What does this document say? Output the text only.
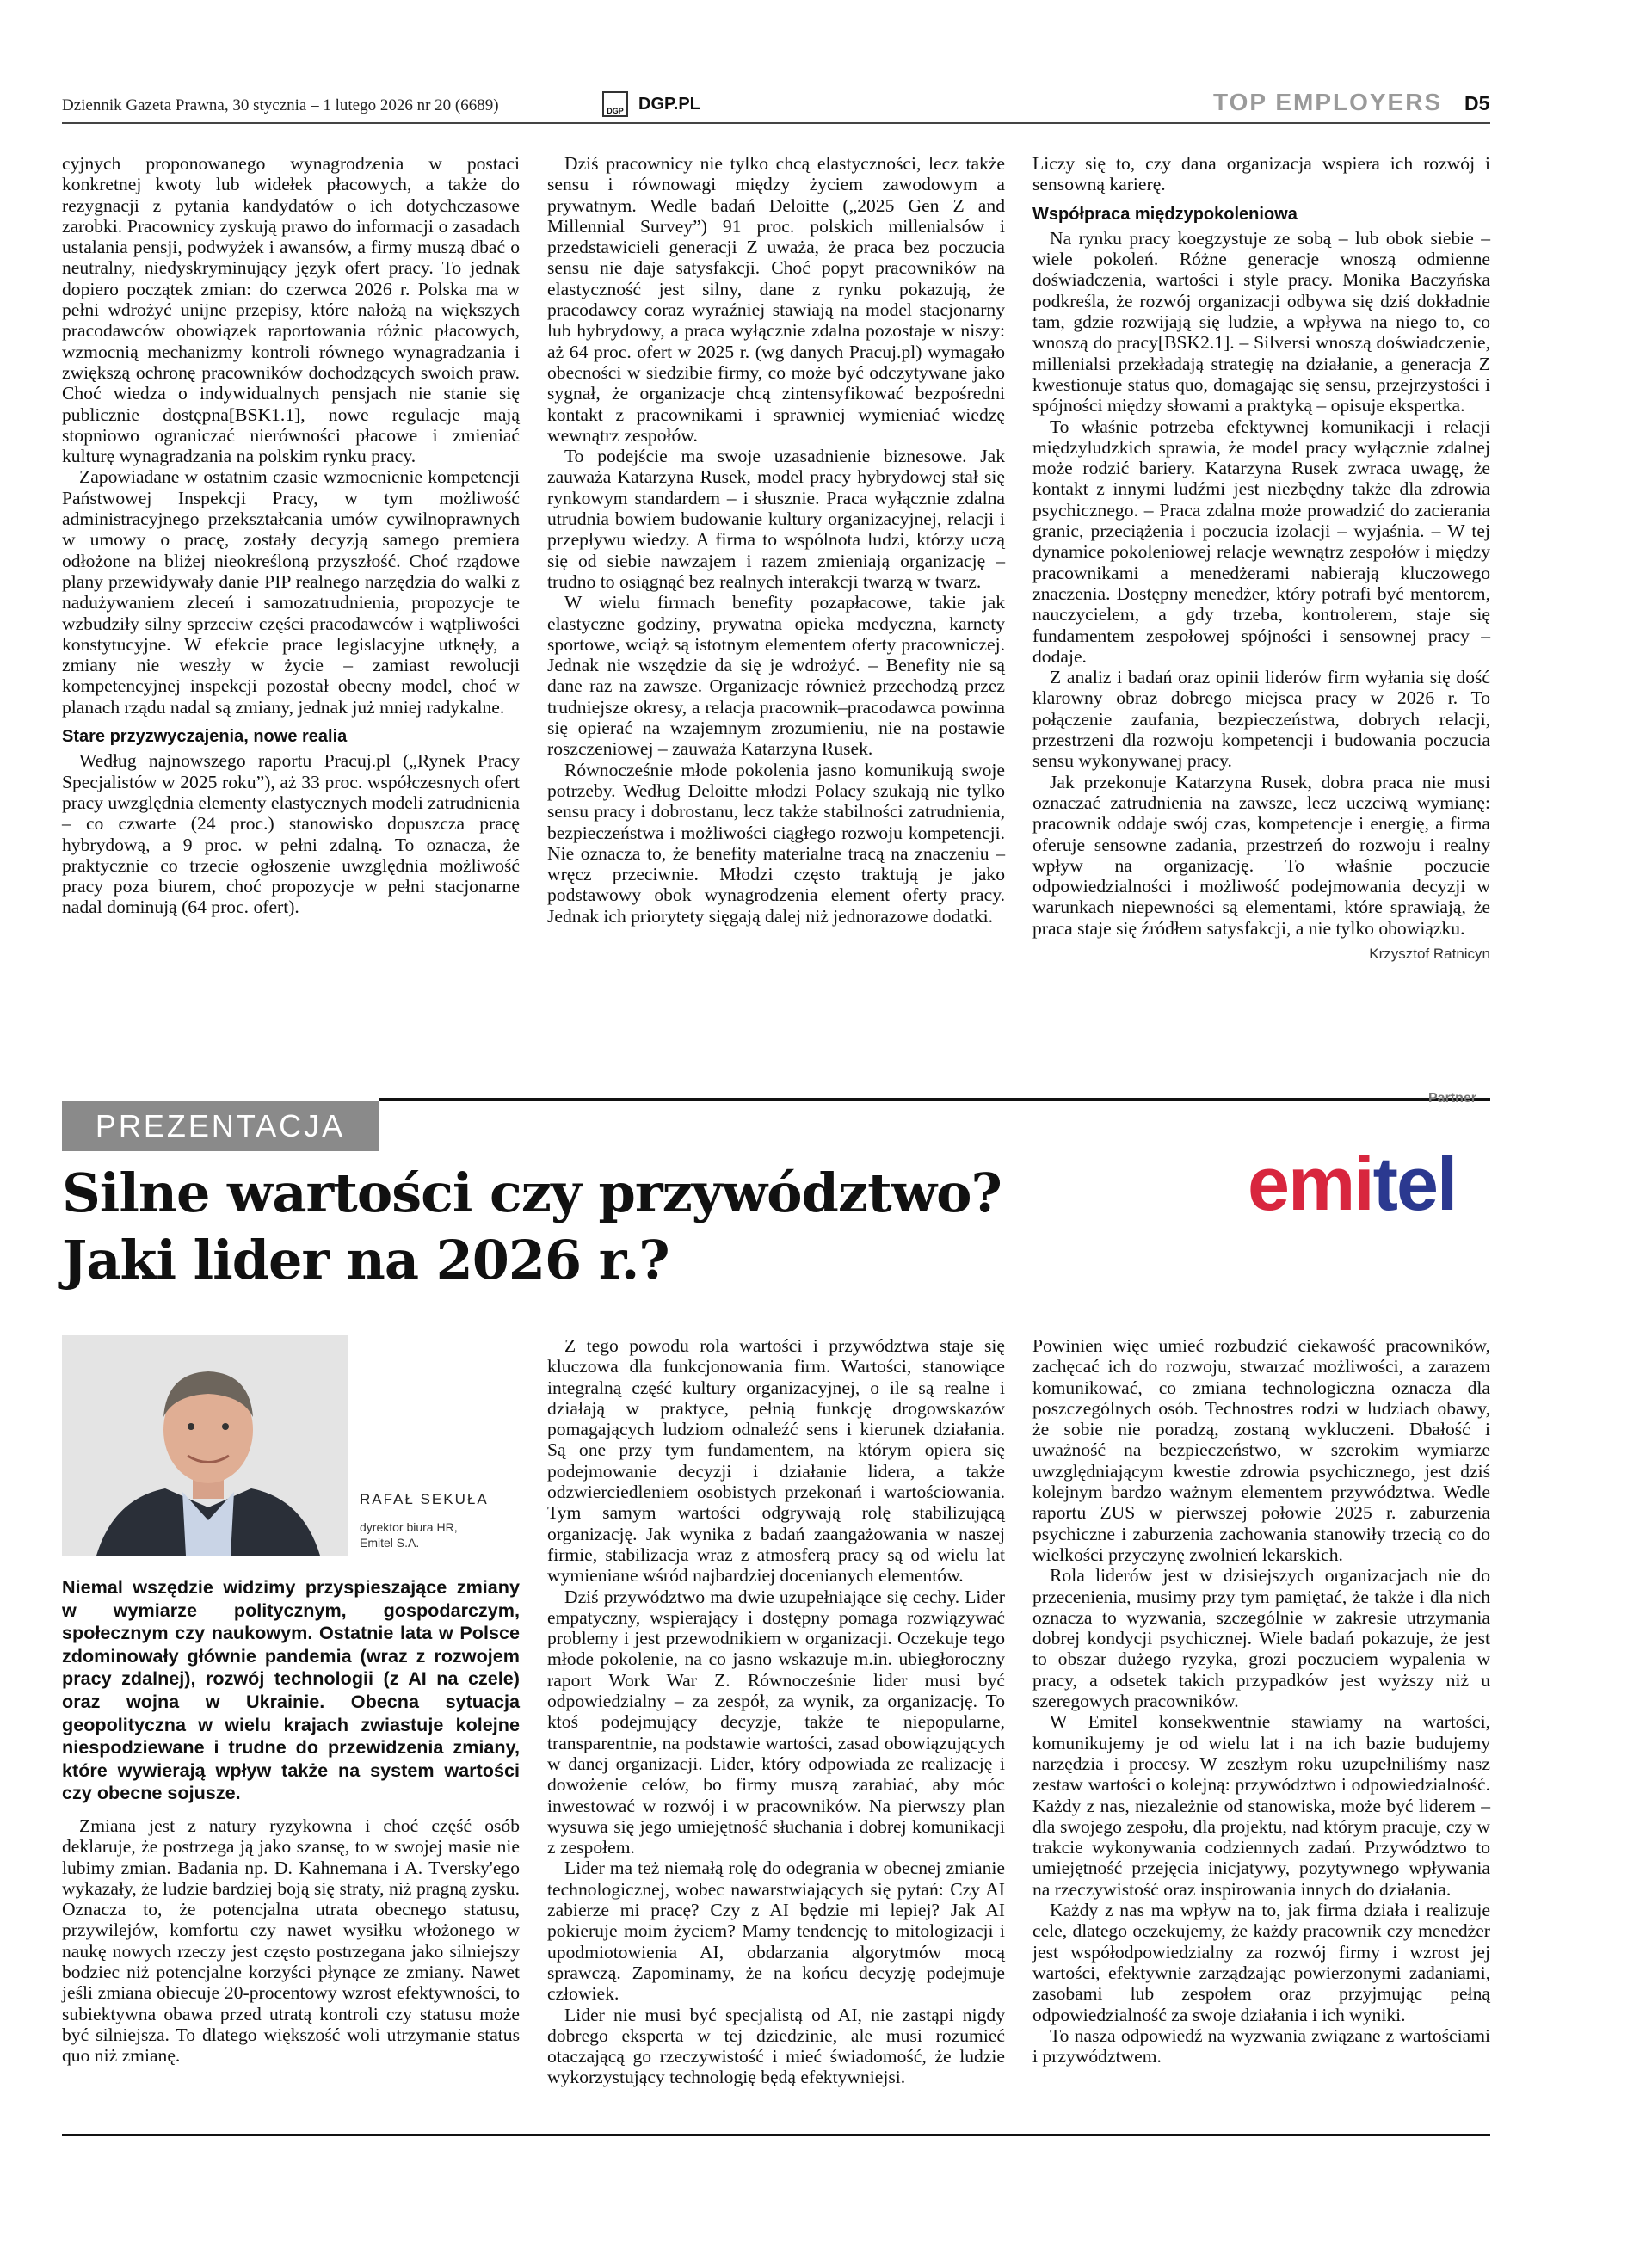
Dziennik Gazeta Prawna, 30 stycznia – 1 lutego 2026 nr 20 (6689)	DGP DGP.PL	TOP EMPLOYERS D5

cyjnych proponowanego wynagrodzenia w postaci konkretnej kwoty lub widełek płacowych, a także do rezygnacji z pytania kandydatów o ich dotychczasowe zarobki. Pracownicy zyskują prawo do informacji o zasadach ustalania pensji, podwyżek i awansów, a firmy muszą dbać o neutralny, niedyskryminujący język ofert pracy. To jednak dopiero początek zmian: do czerwca 2026 r. Polska ma w pełni wdrożyć unijne przepisy, które nałożą na większych pracodawców obowiązek raportowania różnic płacowych, wzmocnią mechanizmy kontroli równego wynagradzania i zwiększą ochronę pracowników dochodzących swoich praw. Choć wiedza o indywidualnych pensjach nie stanie się publicznie dostępna[BSK1.1], nowe regulacje mają stopniowo ograniczać nierówności płacowe i zmieniać kulturę wynagradzania na polskim rynku pracy.

Zapowiadane w ostatnim czasie wzmocnienie kompetencji Państwowej Inspekcji Pracy, w tym możliwość administracyjnego przekształcania umów cywilnoprawnych w umowy o pracę, zostały decyzją samego premiera odłożone na bliżej nieokreśloną przyszłość. Choć rządowe plany przewidywały danie PIP realnego narzędzia do walki z nadużywaniem zleceń i samozatrudnienia, propozycje te wzbudziły silny sprzeciw części pracodawców i wątpliwości konstytucyjne. W efekcie prace legislacyjne utknęły, a zmiany nie weszły w życie – zamiast rewolucji kompetencyjnej inspekcji pozostał obecny model, choć w planach rządu nadal są zmiany, jednak już mniej radykalne.

Stare przyzwyczajenia, nowe realia

Według najnowszego raportu Pracuj.pl („Rynek Pracy Specjalistów w 2025 roku”), aż 33 proc. współczesnych ofert pracy uwzględnia elementy elastycznych modeli zatrudnienia – co czwarte (24 proc.) stanowisko dopuszcza pracę hybrydową, a 9 proc. w pełni zdalną. To oznacza, że praktycznie co trzecie ogłoszenie uwzględnia możliwość pracy poza biurem, choć propozycje w pełni stacjonarne nadal dominują (64 proc. ofert).

Dziś pracownicy nie tylko chcą elastyczności, lecz także sensu i równowagi między życiem zawodowym a prywatnym. Wedle badań Deloitte („2025 Gen Z and Millennial Survey”) 91 proc. polskich millenialsów i przedstawicieli generacji Z uważa, że praca bez poczucia sensu nie daje satysfakcji. Choć popyt pracowników na elastyczność jest silny, dane z rynku pokazują, że pracodawcy coraz wyraźniej stawiają na model stacjonarny lub hybrydowy, a praca wyłącznie zdalna pozostaje w niszy: aż 64 proc. ofert w 2025 r. (wg danych Pracuj.pl) wymagało obecności w siedzibie firmy, co może być odczytywane jako sygnał, że organizacje chcą zintensyfikować bezpośredni kontakt z pracownikami i sprawniej wymieniać wiedzę wewnątrz zespołów.

To podejście ma swoje uzasadnienie biznesowe. Jak zauważa Katarzyna Rusek, model pracy hybrydowej stał się rynkowym standardem – i słusznie. Praca wyłącznie zdalna utrudnia bowiem budowanie kultury organizacyjnej, relacji i przepływu wiedzy. A firma to wspólnota ludzi, którzy uczą się od siebie nawzajem i razem zmieniają organizację – trudno to osiągnąć bez realnych interakcji twarzą w twarz.

W wielu firmach benefity pozapłacowe, takie jak elastyczne godziny, prywatna opieka medyczna, karnety sportowe, wciąż są istotnym elementem oferty pracowniczej. Jednak nie wszędzie da się je wdrożyć. – Benefity nie są dane raz na zawsze. Organizacje również przechodzą przez trudniejsze okresy, a relacja pracownik–pracodawca powinna się opierać na wzajemnym zrozumieniu, nie na postawie roszczeniowej – zauważa Katarzyna Rusek.

Równocześnie młode pokolenia jasno komunikują swoje potrzeby. Według Deloitte młodzi Polacy szukają nie tylko sensu pracy i dobrostanu, lecz także stabilności zatrudnienia, bezpieczeństwa i możliwości ciągłego rozwoju kompetencji. Nie oznacza to, że benefity materialne tracą na znaczeniu – wręcz przeciwnie. Młodzi często traktują je jako podstawowy obok wynagrodzenia element oferty pracy. Jednak ich priorytety sięgają dalej niż jednorazowe dodatki.

Liczy się to, czy dana organizacja wspiera ich rozwój i sensowną karierę.

Współpraca międzypokoleniowa

Na rynku pracy koegzystuje ze sobą – lub obok siebie – wiele pokoleń. Różne generacje wnoszą odmienne doświadczenia, wartości i style pracy. Monika Baczyńska podkreśla, że rozwój organizacji odbywa się dziś dokładnie tam, gdzie rozwijają się ludzie, a wpływa na niego to, co wnoszą do pracy[BSK2.1]. – Silversi wnoszą doświadczenie, millenialsi przekładają strategię na działanie, a generacja Z kwestionuje status quo, domagając się sensu, przejrzystości i spójności między słowami a praktyką – opisuje ekspertka.

To właśnie potrzeba efektywnej komunikacji i relacji międzyludzkich sprawia, że model pracy wyłącznie zdalnej może rodzić bariery. Katarzyna Rusek zwraca uwagę, że kontakt z innymi ludźmi jest niezbędny także dla zdrowia psychicznego. – Praca zdalna może prowadzić do zacierania granic, przeciążenia i poczucia izolacji – wyjaśnia. – W tej dynamice pokoleniowej relacje wewnątrz zespołów i między pracownikami a menedżerami nabierają kluczowego znaczenia. Dostępny menedżer, który potrafi być mentorem, nauczycielem, a gdy trzeba, kontrolerem, staje się fundamentem zespołowej spójności i sensownej pracy – dodaje.

Z analiz i badań oraz opinii liderów firm wyłania się dość klarowny obraz dobrego miejsca pracy w 2026 r. To połączenie zaufania, bezpieczeństwa, dobrych relacji, przestrzeni dla rozwoju kompetencji i budowania poczucia sensu wykonywanej pracy.

Jak przekonuje Katarzyna Rusek, dobra praca nie musi oznaczać zatrudnienia na zawsze, lecz uczciwą wymianę: pracownik oddaje swój czas, kompetencje i energię, a firma oferuje sensowne zadania, przestrzeń do rozwoju i realny wpływ na organizację. To właśnie poczucie odpowiedzialności i możliwość podejmowania decyzji w warunkach niepewności są elementami, które sprawiają, że praca staje się źródłem satysfakcji, a nie tylko obowiązku.

Krzysztof Ratnicyn
PREZENTACJA
Partner
emitel
Silne wartości czy przywództwo?
Jaki lider na 2026 r.?
RAFAŁ SEKUŁA
dyrektor biura HR,
Emitel S.A.
Niemal wszędzie widzimy przyspieszające zmiany w wymiarze politycznym, gospodarczym, społecznym czy naukowym. Ostatnie lata w Polsce zdominowały głównie pandemia (wraz z rozwojem pracy zdalnej), rozwój technologii (z AI na czele) oraz wojna w Ukrainie. Obecna sytuacja geopolityczna w wielu krajach zwiastuje kolejne niespodziewane i trudne do przewidzenia zmiany, które wywierają wpływ także na system wartości czy obecne sojusze.

Zmiana jest z natury ryzykowna i choć część osób deklaruje, że postrzega ją jako szansę, to w swojej masie nie lubimy zmian. Badania np. D. Kahnemana i A. Tversky'ego wykazały, że ludzie bardziej boją się straty, niż pragną zysku. Oznacza to, że potencjalna utrata obecnego statusu, przywilejów, komfortu czy nawet wysiłku włożonego w naukę nowych rzeczy jest często postrzegana jako silniejszy bodziec niż potencjalne korzyści płynące ze zmiany. Nawet jeśli zmiana obiecuje 20-procentowy wzrost efektywności, to subiektywna obawa przed utratą kontroli czy statusu może być silniejsza. To dlatego większość woli utrzymanie status quo niż zmianę.

Z tego powodu rola wartości i przywództwa staje się kluczowa dla funkcjonowania firm. Wartości, stanowiące integralną część kultury organizacyjnej, o ile są realne i działają w praktyce, pełnią funkcję drogowskazów pomagających ludziom odnaleźć sens i kierunek działania. Są one przy tym fundamentem, na którym opiera się podejmowanie decyzji i działanie lidera, a także odzwierciedleniem osobistych przekonań i wartościowania. Tym samym wartości odgrywają rolę stabilizującą organizację. Jak wynika z badań zaangażowania w naszej firmie, stabilizacja wraz z atmosferą pracy są od wielu lat wymieniane wśród najbardziej docenianych elementów.

Dziś przywództwo ma dwie uzupełniające się cechy. Lider empatyczny, wspierający i dostępny pomaga rozwiązywać problemy i jest przewodnikiem w organizacji. Oczekuje tego młode pokolenie, na co jasno wskazuje m.in. ubiegłoroczny raport Work War Z. Równocześnie lider musi być odpowiedzialny – za zespół, za wynik, za organizację. To ktoś podejmujący decyzje, także te niepopularne, transparentnie, na podstawie wartości, zasad obowiązujących w danej organizacji. Lider, który odpowiada ze realizację i dowożenie celów, bo firmy muszą zarabiać, aby móc inwestować w rozwój i w pracowników. Na pierwszy plan wysuwa się jego umiejętność słuchania i dobrej komunikacji z zespołem.

Lider ma też niemałą rolę do odegrania w obecnej zmianie technologicznej, wobec nawarstwiających się pytań: Czy AI zabierze mi pracę? Czy z AI będzie mi lepiej? Jak AI pokieruje moim życiem? Mamy tendencję to mitologizacji i upodmiotowienia AI, obdarzania algorytmów mocą sprawczą. Zapominamy, że na końcu decyzję podejmuje człowiek.

Lider nie musi być specjalistą od AI, nie zastąpi nigdy dobrego eksperta w tej dziedzinie, ale musi rozumieć otaczającą go rzeczywistość i mieć świadomość, że ludzie wykorzystujący technologię będą efektywniejsi.

Powinien więc umieć rozbudzić ciekawość pracowników, zachęcać ich do rozwoju, stwarzać możliwości, a zarazem komunikować, co zmiana technologiczna oznacza dla poszczególnych osób. Technostres rodzi w ludziach obawy, że sobie nie poradzą, zostaną wykluczeni. Dbałość i uważność na bezpieczeństwo, w szerokim wymiarze uwzględniającym kwestie zdrowia psychicznego, jest dziś kolejnym bardzo ważnym elementem przywództwa. Wedle raportu ZUS w pierwszej połowie 2025 r. zaburzenia psychiczne i zaburzenia zachowania stanowiły trzecią co do wielkości przyczynę zwolnień lekarskich.

Rola liderów jest w dzisiejszych organizacjach nie do przecenienia, musimy przy tym pamiętać, że także i dla nich oznacza to wyzwania, szczególnie w zakresie utrzymania dobrej kondycji psychicznej. Wiele badań pokazuje, że jest to obszar dużego ryzyka, grozi poczuciem wypalenia w pracy, a odsetek takich przypadków jest wyższy niż u szeregowych pracowników.

W Emitel konsekwentnie stawiamy na wartości, komunikujemy je od wielu lat i na ich bazie budujemy narzędzia i procesy. W zeszłym roku uzupełniliśmy nasz zestaw wartości o kolejną: przywództwo i odpowiedzialność. Każdy z nas, niezależnie od stanowiska, może być liderem – dla swojego zespołu, dla projektu, nad którym pracuje, czy w trakcie wykonywania codziennych zadań. Przywództwo to umiejętność przejęcia inicjatywy, pozytywnego wpływania na rzeczywistość oraz inspirowania innych do działania.

Każdy z nas ma wpływ na to, jak firma działa i realizuje cele, dlatego oczekujemy, że każdy pracownik czy menedżer jest współodpowiedzialny za rozwój firmy i wzrost jej wartości, efektywnie zarządzając powierzonymi zadaniami, zasobami lub zespołem oraz przyjmując pełną odpowiedzialność za swoje działania i ich wyniki.

To nasza odpowiedź na wyzwania związane z wartościami i przywództwem.
